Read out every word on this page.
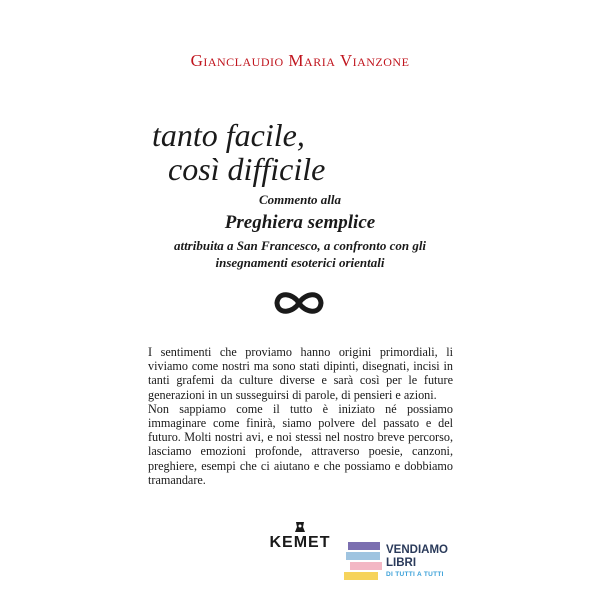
Gianclaudio Maria Vianzone
tanto facile,
così difficile
Commento alla
Preghiera semplice
attribuita a San Francesco, a confronto con gli
insegnamenti esoterici orientali

I sentimenti che proviamo hanno origini primordiali, li viviamo come nostri ma sono stati dipinti, disegnati, incisi in tanti grafemi da culture diverse e sarà così per le future generazioni in un susseguirsi di parole, di pensieri e azioni.

Non sappiamo come il tutto è iniziato né possiamo immaginare come finirà, siamo polvere del passato e del futuro. Molti nostri avi, e noi stessi nel nostro breve percorso, lasciamo emozioni profonde, attraverso poesie, canzoni, preghiere, esempi che ci aiutano e che possiamo e dobbiamo tramandare.

KEMET	VENDIAMO
LIBRI
DI TUTTI A TUTTI
